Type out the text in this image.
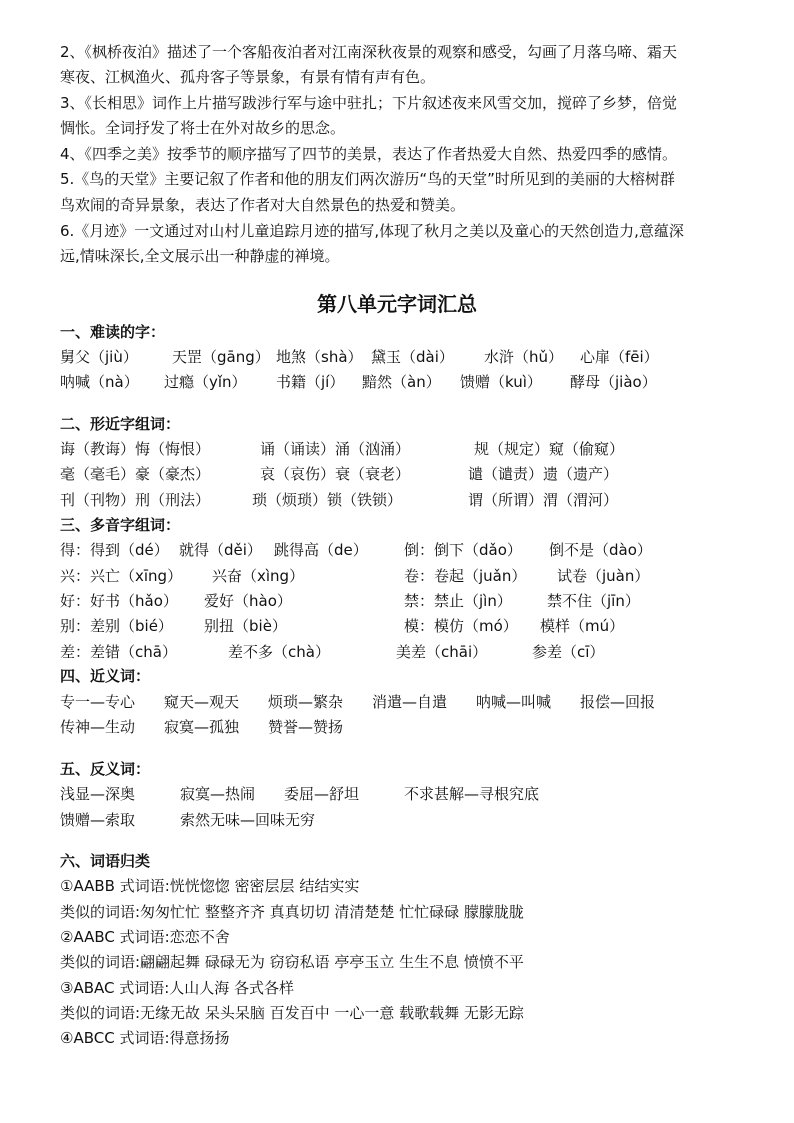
2、《枫桥夜泊》描述了一个客船夜泊者对江南深秋夜景的观察和感受，勾画了月落乌啼、霜天
寒夜、江枫渔火、孤舟客子等景象，有景有情有声有色。
3、《长相思》词作上片描写跋涉行军与途中驻扎；下片叙述夜来风雪交加，搅碎了乡梦，倍觉
惆怅。全词抒发了将士在外对故乡的思念。
4、《四季之美》按季节的顺序描写了四节的美景，表达了作者热爱大自然、热爱四季的感情。
5.《鸟的天堂》主要记叙了作者和他的朋友们两次游历“鸟的天堂”时所见到的美丽的大榕树群
鸟欢闹的奇异景象，表达了作者对大自然景色的热爱和赞美。
6.《月迹》一文通过对山村儿童追踪月迹的描写,体现了秋月之美以及童心的天然创造力,意蕴深
远,情味深长,全文展示出一种静虚的禅境。
第八单元字词汇总
一、难读的字：
舅父（jiù） 天罡（gāng） 地煞（shà） 黛玉（dài） 水浒（hǔ） 心扉（fēi）
呐喊（nà） 过瘾（yǐn） 书籍（jí） 黯然（àn） 馈赠（kuì） 酵母（jiào）
二、形近字组词：
诲（教诲）悔（悔恨）	诵（诵读）涌（汹涌）	规（规定）窥（偷窥）
毫（毫毛）豪（豪杰）	哀（哀伤）衰（衰老）	谴（谴责）遗（遗产）
刊（刊物）刑（刑法）	琐（烦琐）锁（铁锁）	谓（所谓）渭（渭河）
三、多音字组词：
得：得到（dé） 就得（děi） 跳得高（de） 倒：倒下（dǎo） 倒不是（dào）
兴：兴亡（xīng） 兴奋（xìng）	卷：卷起（juǎn） 试卷（juàn）
好：好书（hǎo） 爱好（hào）	禁：禁止（jìn） 禁不住（jīn）
别：差别（bié） 别扭（biè）	模：模仿（mó） 模样（mú）
差：差错（chā）	差不多（chà）	美差（chāi）	参差（cī）
四、近义词：
专一—专心 窥天—观天 烦琐—繁杂 消遣—自遣 呐喊—叫喊 报偿—回报
传神—生动 寂寞—孤独 赞誉—赞扬
五、反义词：
浅显—深奥	寂寞—热闹 委屈—舒坦	不求甚解—寻根究底
馈赠—索取	索然无味—回味无穷
六、词语归类
①AABB 式词语:恍恍惚惚 密密层层 结结实实
类似的词语:匆匆忙忙 整整齐齐 真真切切 清清楚楚 忙忙碌碌 朦朦胧胧
②AABC 式词语:恋恋不舍
类似的词语:翩翩起舞 碌碌无为 窃窃私语 亭亭玉立 生生不息 愤愤不平
③ABAC 式词语:人山人海 各式各样
类似的词语:无缘无故 呆头呆脑 百发百中 一心一意 载歌载舞 无影无踪
④ABCC 式词语:得意扬扬
